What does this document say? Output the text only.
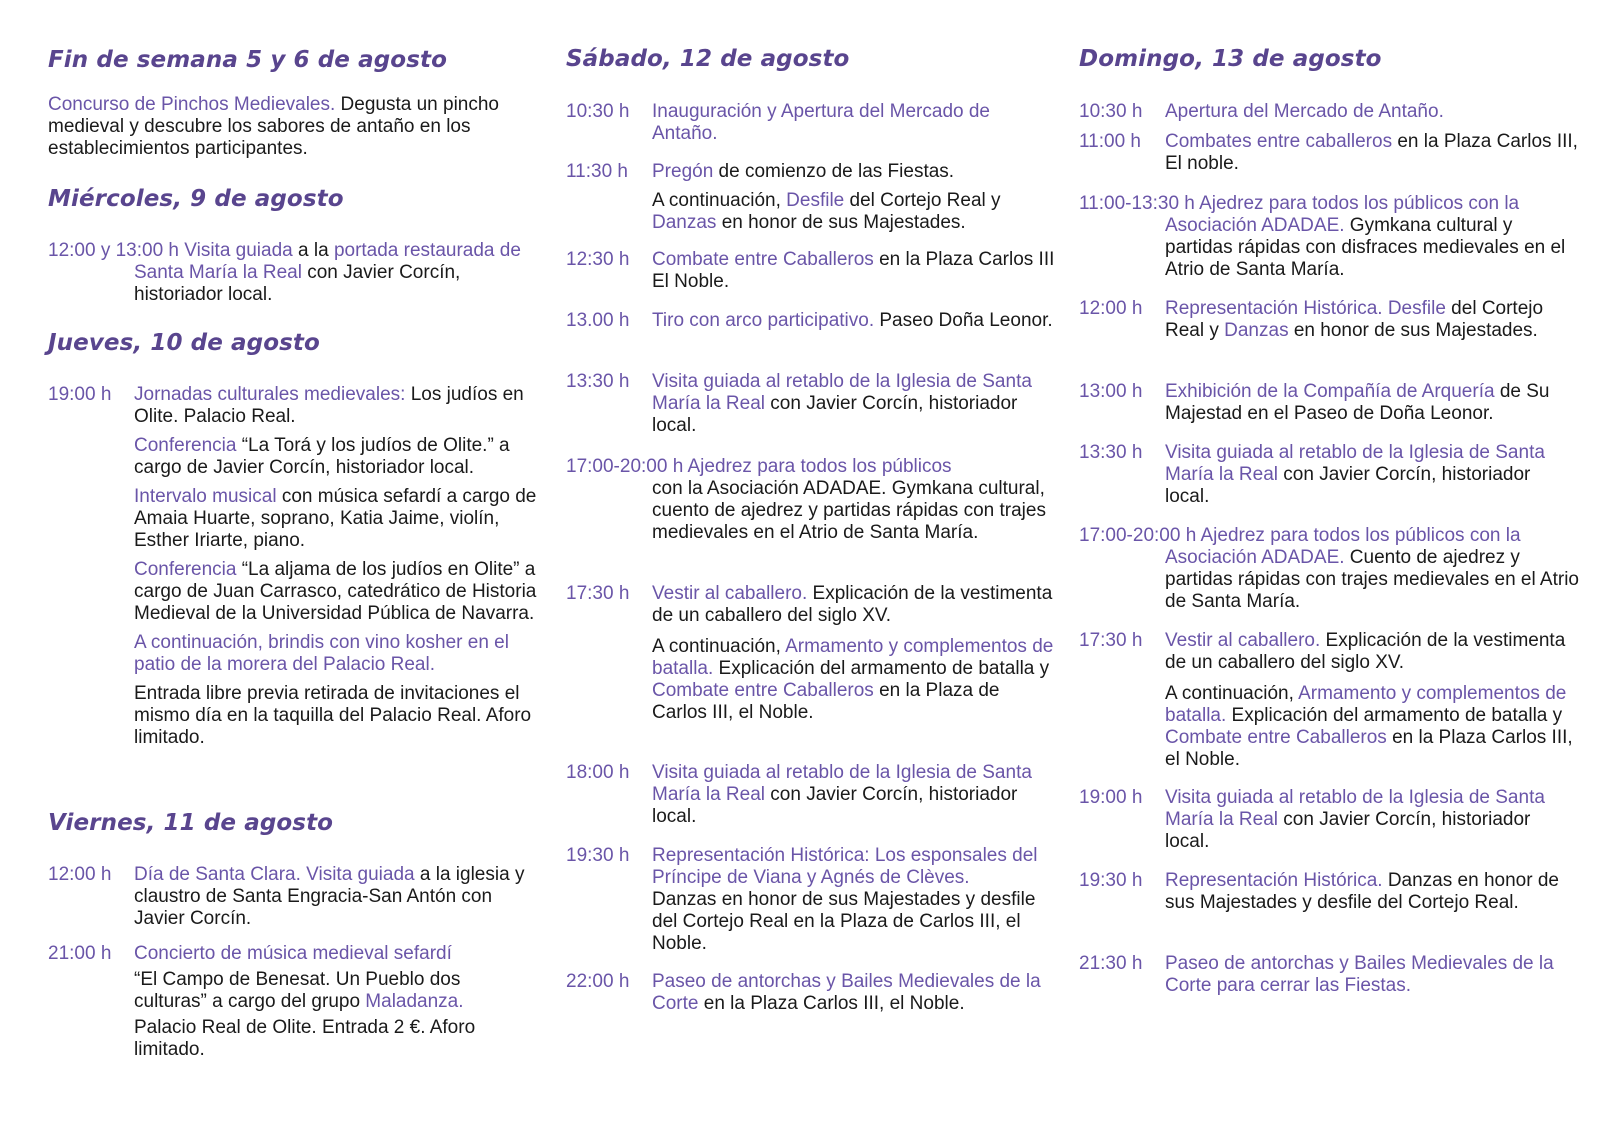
Fin de semana 5 y 6 de agosto
Concurso de Pinchos Medievales. Degusta un pincho medieval y descubre los sabores de antaño en los establecimientos participantes.
Miércoles, 9 de agosto
12:00 y 13:00 h Visita guiada a la portada restaurada de Santa María la Real con Javier Corcín, historiador local.
Jueves, 10 de agosto
19:00 h Jornadas culturales medievales: Los judíos en Olite. Palacio Real.
Conferencia “La Torá y los judíos de Olite.” a cargo de Javier Corcín, historiador local.
Intervalo musical con música sefardí a cargo de Amaia Huarte, soprano, Katia Jaime, violín, Esther Iriarte, piano.
Conferencia “La aljama de los judíos en Olite” a cargo de Juan Carrasco, catedrático de Historia Medieval de la Universidad Pública de Navarra.
A continuación, brindis con vino kosher en el patio de la morera del Palacio Real.
Entrada libre previa retirada de invitaciones el mismo día en la taquilla del Palacio Real. Aforo limitado.
Viernes, 11 de agosto
12:00 h Día de Santa Clara. Visita guiada a la iglesia y claustro de Santa Engracia-San Antón con Javier Corcín.
21:00 h Concierto de música medieval sefardí
“El Campo de Benesat. Un Pueblo dos culturas” a cargo del grupo Maladanza.
Palacio Real de Olite. Entrada 2 €. Aforo limitado.
Sábado, 12 de agosto
10:30 h Inauguración y Apertura del Mercado de Antaño.
11:30 h Pregón de comienzo de las Fiestas.
A continuación, Desfile del Cortejo Real y Danzas en honor de sus Majestades.
12:30 h Combate entre Caballeros en la Plaza Carlos III El Noble.
13.00 h Tiro con arco participativo. Paseo Doña Leonor.
13:30 h Visita guiada al retablo de la Iglesia de Santa María la Real con Javier Corcín, historiador local.
17:00-20:00 h Ajedrez para todos los públicos
con la Asociación ADADAE. Gymkana cultural, cuento de ajedrez y partidas rápidas con trajes medievales en el Atrio de Santa María.
17:30 h Vestir al caballero. Explicación de la vestimenta de un caballero del siglo XV.
A continuación, Armamento y complementos de batalla. Explicación del armamento de batalla y Combate entre Caballeros en la Plaza de Carlos III, el Noble.
18:00 h Visita guiada al retablo de la Iglesia de Santa María la Real con Javier Corcín, historiador local.
19:30 h Representación Histórica: Los esponsales del Príncipe de Viana y Agnés de Clèves.
Danzas en honor de sus Majestades y desfile del Cortejo Real en la Plaza de Carlos III, el Noble.
22:00 h Paseo de antorchas y Bailes Medievales de la Corte en la Plaza Carlos III, el Noble.
Domingo, 13 de agosto
10:30 h Apertura del Mercado de Antaño.
11:00 h Combates entre caballeros en la Plaza Carlos III, El noble.
11:00-13:30 h Ajedrez para todos los públicos con la Asociación ADADAE. Gymkana cultural y partidas rápidas con disfraces medievales en el Atrio de Santa María.
12:00 h Representación Histórica. Desfile del Cortejo Real y Danzas en honor de sus Majestades.
13:00 h Exhibición de la Compañía de Arquería de Su Majestad en el Paseo de Doña Leonor.
13:30 h Visita guiada al retablo de la Iglesia de Santa María la Real con Javier Corcín, historiador local.
17:00-20:00 h Ajedrez para todos los públicos con la Asociación ADADAE. Cuento de ajedrez y partidas rápidas con trajes medievales en el Atrio de Santa María.
17:30 h Vestir al caballero. Explicación de la vestimenta de un caballero del siglo XV.
A continuación, Armamento y complementos de batalla. Explicación del armamento de batalla y Combate entre Caballeros en la Plaza Carlos III, el Noble.
19:00 h Visita guiada al retablo de la Iglesia de Santa María la Real con Javier Corcín, historiador local.
19:30 h Representación Histórica. Danzas en honor de sus Majestades y desfile del Cortejo Real.
21:30 h Paseo de antorchas y Bailes Medievales de la Corte para cerrar las Fiestas.
